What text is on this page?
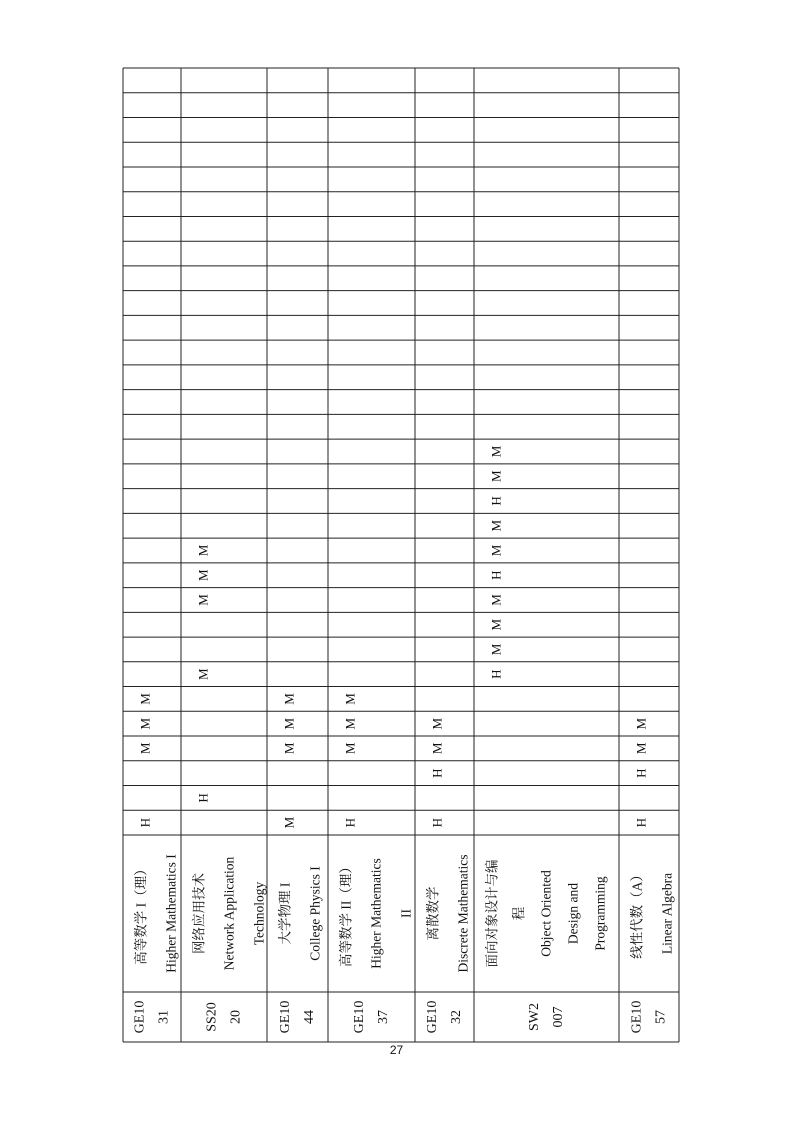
GE10 31
高等数学 I（理） Higher Mathematics I
H
M
M
M
SS20 20
网络应用技术 Network Application Technology
H
M
M
M
M
GE10 44
大学物理 I College Physics I
M
M
M
M
GE10 37
高等数学 II（理） Higher Mathematics II
H
M
M
M
GE10 32
离散数学 Discrete Mathematics
H
H
M
M
SW2 007
面向对象设计与编 程 Object Oriented Design and Programming
H
M
M
M
H
M
M
H
M
M
GE10 57
线性代数（A） Linear Algebra
H
H
M
M
27
